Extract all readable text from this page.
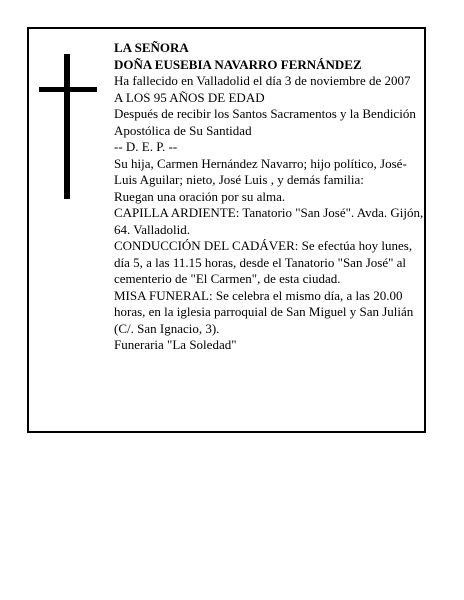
LA SEÑORA

DOÑA EUSEBIA NAVARRO FERNÁNDEZ

Ha fallecido en Valladolid el día 3 de noviembre de 2007

A LOS 95 AÑOS DE EDAD

Después de recibir los Santos Sacramentos y la Bendición Apostólica de Su Santidad

-- D. E. P. --

Su hija, Carmen Hernández Navarro; hijo político, José-Luis Aguilar; nieto, José Luis , y demás familia:

Ruegan una oración por su alma.

CAPILLA ARDIENTE: Tanatorio "San José". Avda. Gijón, 64. Valladolid.

CONDUCCIÓN DEL CADÁVER: Se efectúa hoy lunes, día 5, a las 11.15 horas, desde el Tanatorio "San José" al cementerio de "El Carmen", de esta ciudad.

MISA FUNERAL: Se celebra el mismo día, a las 20.00 horas, en la iglesia parroquial de San Miguel y San Julián (C/. San Ignacio, 3).

Funeraria "La Soledad"
